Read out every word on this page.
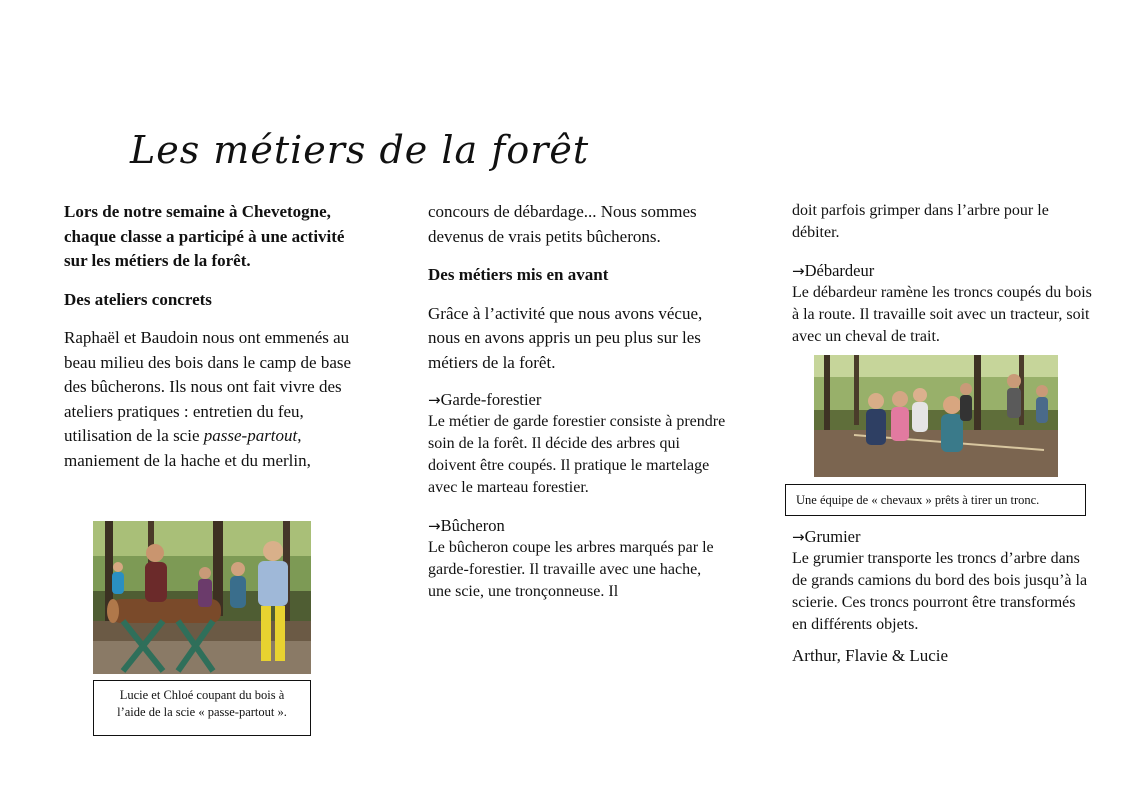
Les métiers de la forêt

Lors de notre semaine à Chevetogne, chaque classe a participé à une activité sur les métiers de la forêt.

Des ateliers concrets

Raphaël et Baudoin nous ont emmenés au beau milieu des bois dans le camp de base des bûcherons. Ils nous ont fait vivre des ateliers pratiques : entretien du feu, utilisation de la scie passe-partout, maniement de la hache et du merlin,

Lucie et Chloé coupant du bois à l’aide de la scie « passe-partout ».

concours de débardage... Nous sommes devenus de vrais petits bûcherons.

Des métiers mis en avant

Grâce à l’activité que nous avons vécue, nous en avons appris un peu plus sur les métiers de la forêt.

→Garde-forestier
Le métier de garde forestier consiste à prendre soin de la forêt. Il décide des arbres qui doivent être coupés. Il pratique le martelage avec le marteau forestier.
→Bûcheron
Le bûcheron coupe les arbres marqués par le garde-forestier. Il travaille avec une hache, une scie, une tronçonneuse. Il

doit parfois grimper dans l’arbre pour le débiter.

→Débardeur
Le débardeur ramène les troncs coupés du bois à la route. Il travaille soit avec un tracteur, soit avec un cheval de trait.
Une équipe de « chevaux » prêts à tirer un tronc.
→Grumier
Le grumier transporte les troncs d’arbre dans de grands camions du bord des bois jusqu’à la scierie. Ces troncs pourront être transformés en différents objets.
Arthur, Flavie & Lucie
